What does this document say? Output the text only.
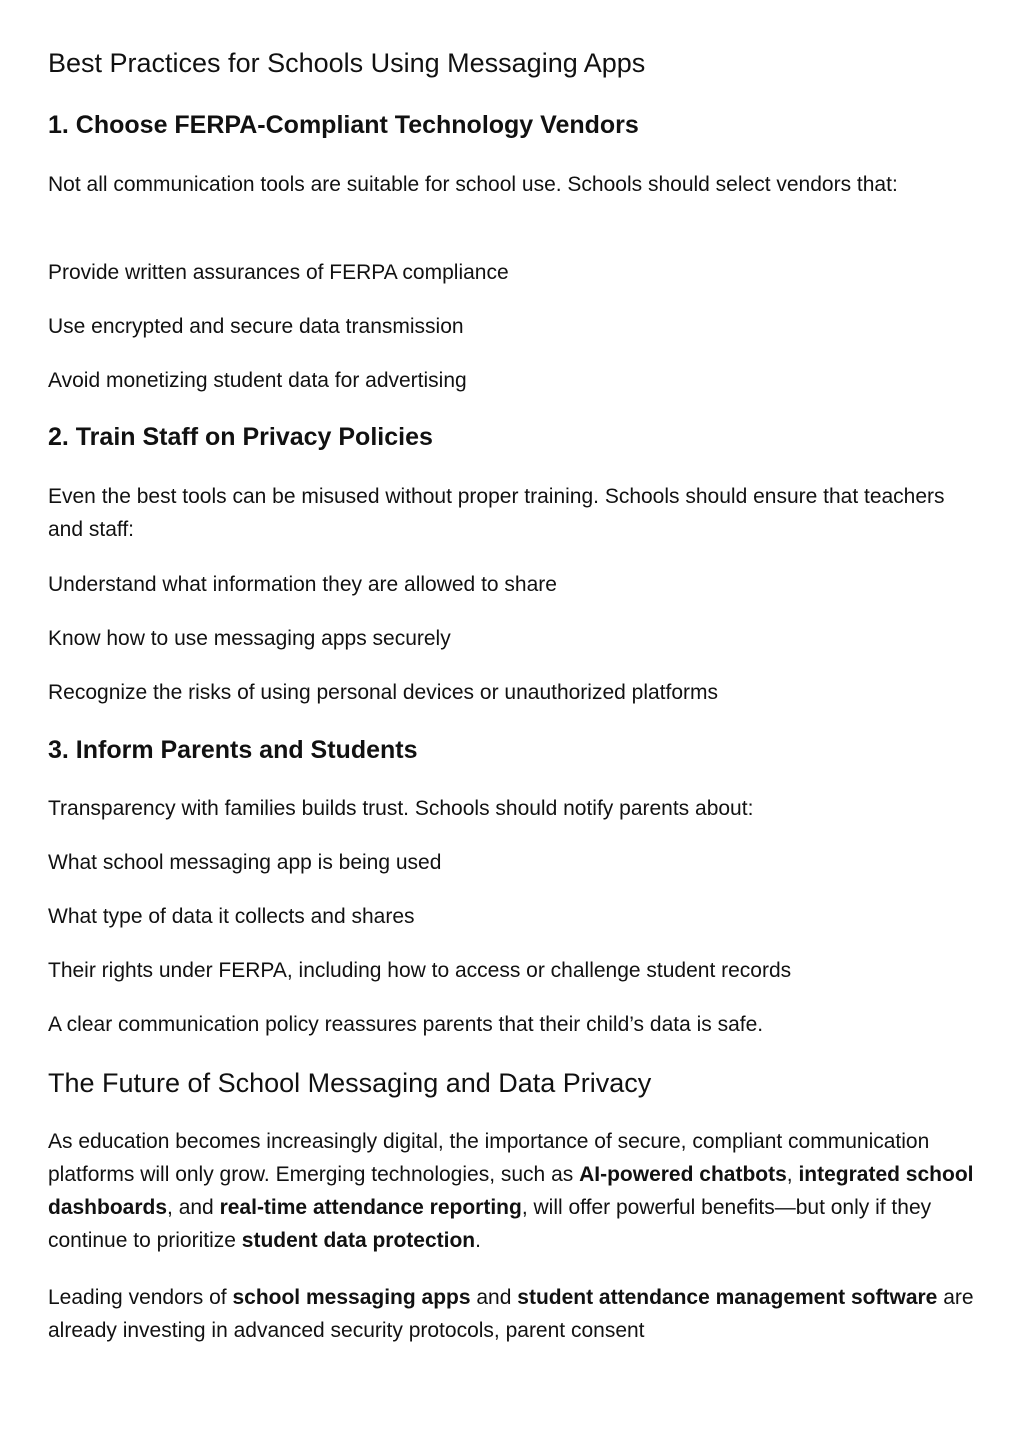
Best Practices for Schools Using Messaging Apps
1. Choose FERPA-Compliant Technology Vendors

Not all communication tools are suitable for school use. Schools should select vendors that:

Provide written assurances of FERPA compliance

Use encrypted and secure data transmission

Avoid monetizing student data for advertising

2. Train Staff on Privacy Policies

Even the best tools can be misused without proper training. Schools should ensure that teachers and staff:

Understand what information they are allowed to share

Know how to use messaging apps securely

Recognize the risks of using personal devices or unauthorized platforms

3. Inform Parents and Students

Transparency with families builds trust. Schools should notify parents about:

What school messaging app is being used

What type of data it collects and shares

Their rights under FERPA, including how to access or challenge student records

A clear communication policy reassures parents that their child’s data is safe.

The Future of School Messaging and Data Privacy

As education becomes increasingly digital, the importance of secure, compliant communication platforms will only grow. Emerging technologies, such as AI-powered chatbots, integrated school dashboards, and real-time attendance reporting, will offer powerful benefits—but only if they continue to prioritize student data protection.

Leading vendors of school messaging apps and student attendance management software are already investing in advanced security protocols, parent consent
